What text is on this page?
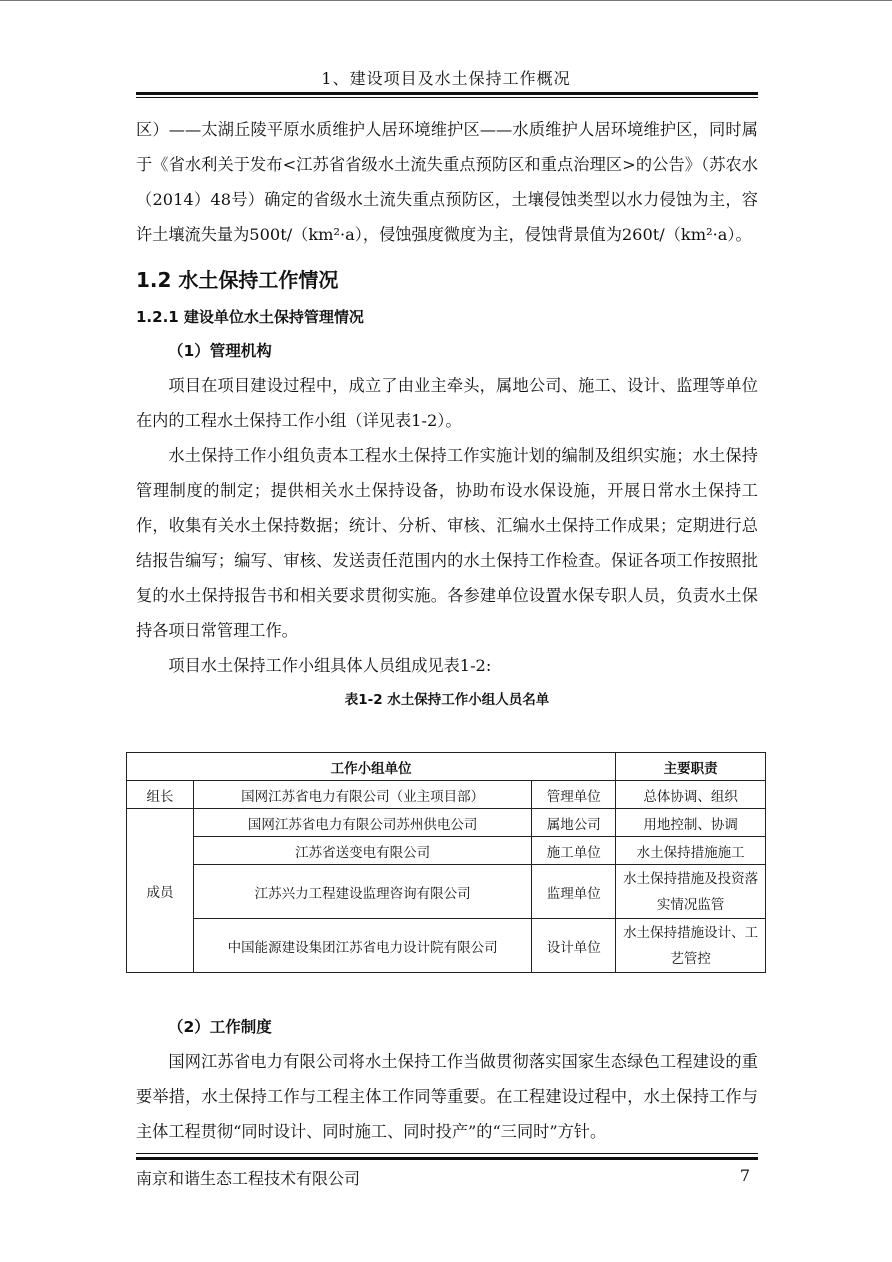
1、建设项目及水土保持工作概况

区）——太湖丘陵平原水质维护人居环境维护区——水质维护人居环境维护区，同时属于《省水利关于发布<江苏省省级水土流失重点预防区和重点治理区>的公告》（苏农水（2014）48号）确定的省级水土流失重点预防区，土壤侵蚀类型以水力侵蚀为主，容许土壤流失量为500t/（km²·a），侵蚀强度微度为主，侵蚀背景值为260t/（km²·a）。

1.2 水土保持工作情况
1.2.1 建设单位水土保持管理情况
（1）管理机构

项目在项目建设过程中，成立了由业主牵头，属地公司、施工、设计、监理等单位在内的工程水土保持工作小组（详见表1-2）。

水土保持工作小组负责本工程水土保持工作实施计划的编制及组织实施；水土保持管理制度的制定；提供相关水土保持设备，协助布设水保设施，开展日常水土保持工作，收集有关水土保持数据；统计、分析、审核、汇编水土保持工作成果；定期进行总结报告编写；编写、审核、发送责任范围内的水土保持工作检查。保证各项工作按照批复的水土保持报告书和相关要求贯彻实施。各参建单位设置水保专职人员，负责水土保持各项日常管理工作。

项目水土保持工作小组具体人员组成见表1-2:

表1-2 水土保持工作小组人员名单
工作小组单位			主要职责
组长	国网江苏省电力有限公司（业主项目部）	管理单位	总体协调、组织
成员	国网江苏省电力有限公司苏州供电公司	属地公司	用地控制、协调
	江苏省送变电有限公司	施工单位	水土保持措施施工
	江苏兴力工程建设监理咨询有限公司	监理单位	水土保持措施及投资落实情况监管
	中国能源建设集团江苏省电力设计院有限公司	设计单位	水土保持措施设计、工艺管控
（2）工作制度

国网江苏省电力有限公司将水土保持工作当做贯彻落实国家生态绿色工程建设的重要举措，水土保持工作与工程主体工作同等重要。在工程建设过程中，水土保持工作与主体工程贯彻“同时设计、同时施工、同时投产”的“三同时”方针。

南京和谐生态工程技术有限公司	7
